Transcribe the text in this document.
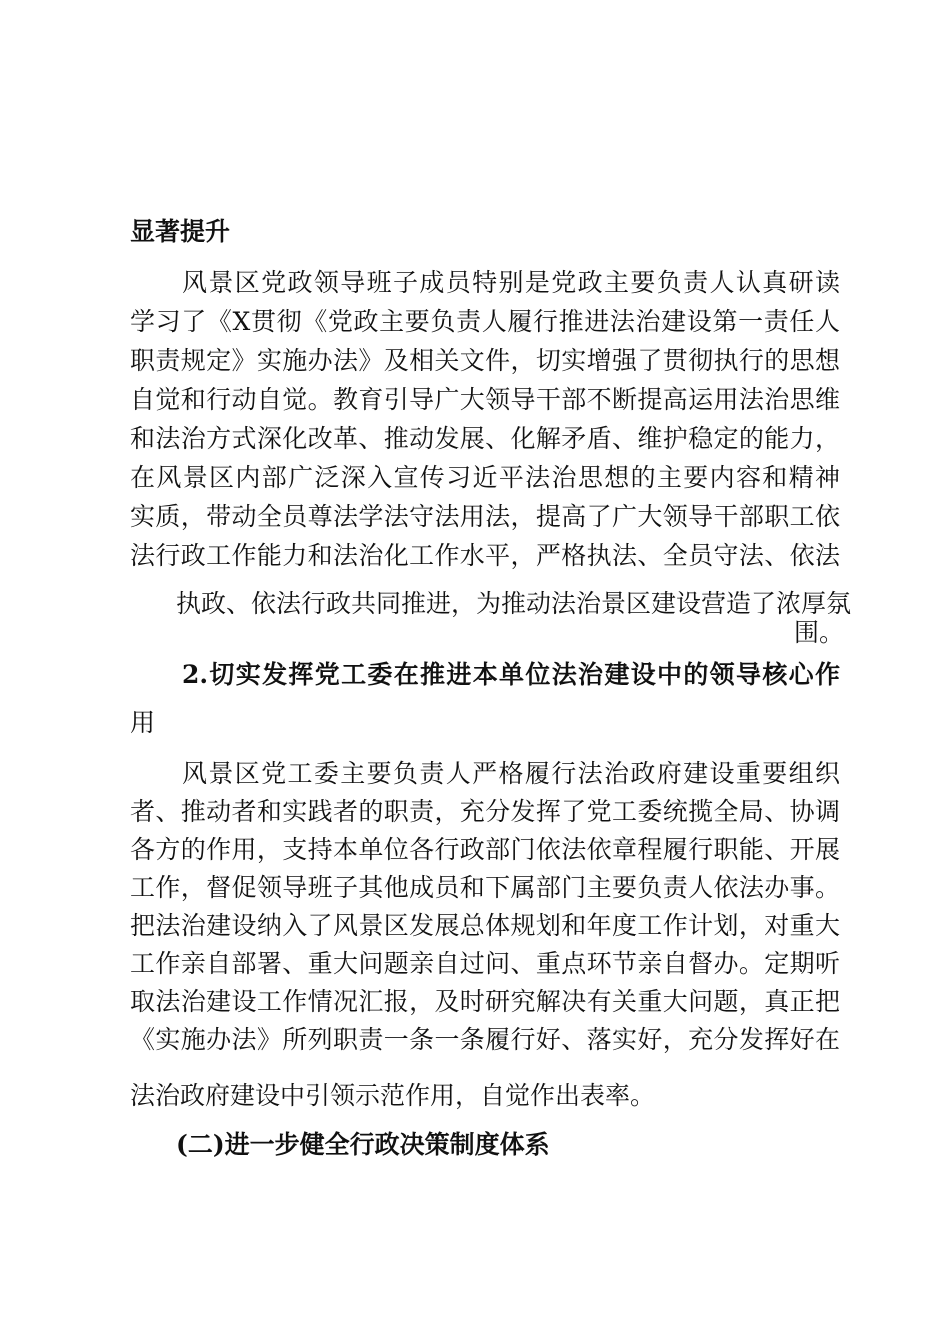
显著提升
风景区党政领导班子成员特别是党政主要负责人认真研读
学习了《X贯彻《党政主要负责人履行推进法治建设第一责任人
职责规定》实施办法》及相关文件，切实增强了贯彻执行的思想
自觉和行动自觉。教育引导广大领导干部不断提高运用法治思维
和法治方式深化改革、推动发展、化解矛盾、维护稳定的能力，
在风景区内部广泛深入宣传习近平法治思想的主要内容和精神
实质，带动全员尊法学法守法用法，提高了广大领导干部职工依
法行政工作能力和法治化工作水平，严格执法、全员守法、依法
执政、依法行政共同推进，为推动法治景区建设营造了浓厚氛
围。
2.切实发挥党工委在推进本单位法治建设中的领导核心作
用
风景区党工委主要负责人严格履行法治政府建设重要组织
者、推动者和实践者的职责，充分发挥了党工委统揽全局、协调
各方的作用，支持本单位各行政部门依法依章程履行职能、开展
工作，督促领导班子其他成员和下属部门主要负责人依法办事。
把法治建设纳入了风景区发展总体规划和年度工作计划，对重大
工作亲自部署、重大问题亲自过问、重点环节亲自督办。定期听
取法治建设工作情况汇报，及时研究解决有关重大问题，真正把
《实施办法》所列职责一条一条履行好、落实好，充分发挥好在
法治政府建设中引领示范作用，自觉作出表率。
(二)进一步健全行政决策制度体系
